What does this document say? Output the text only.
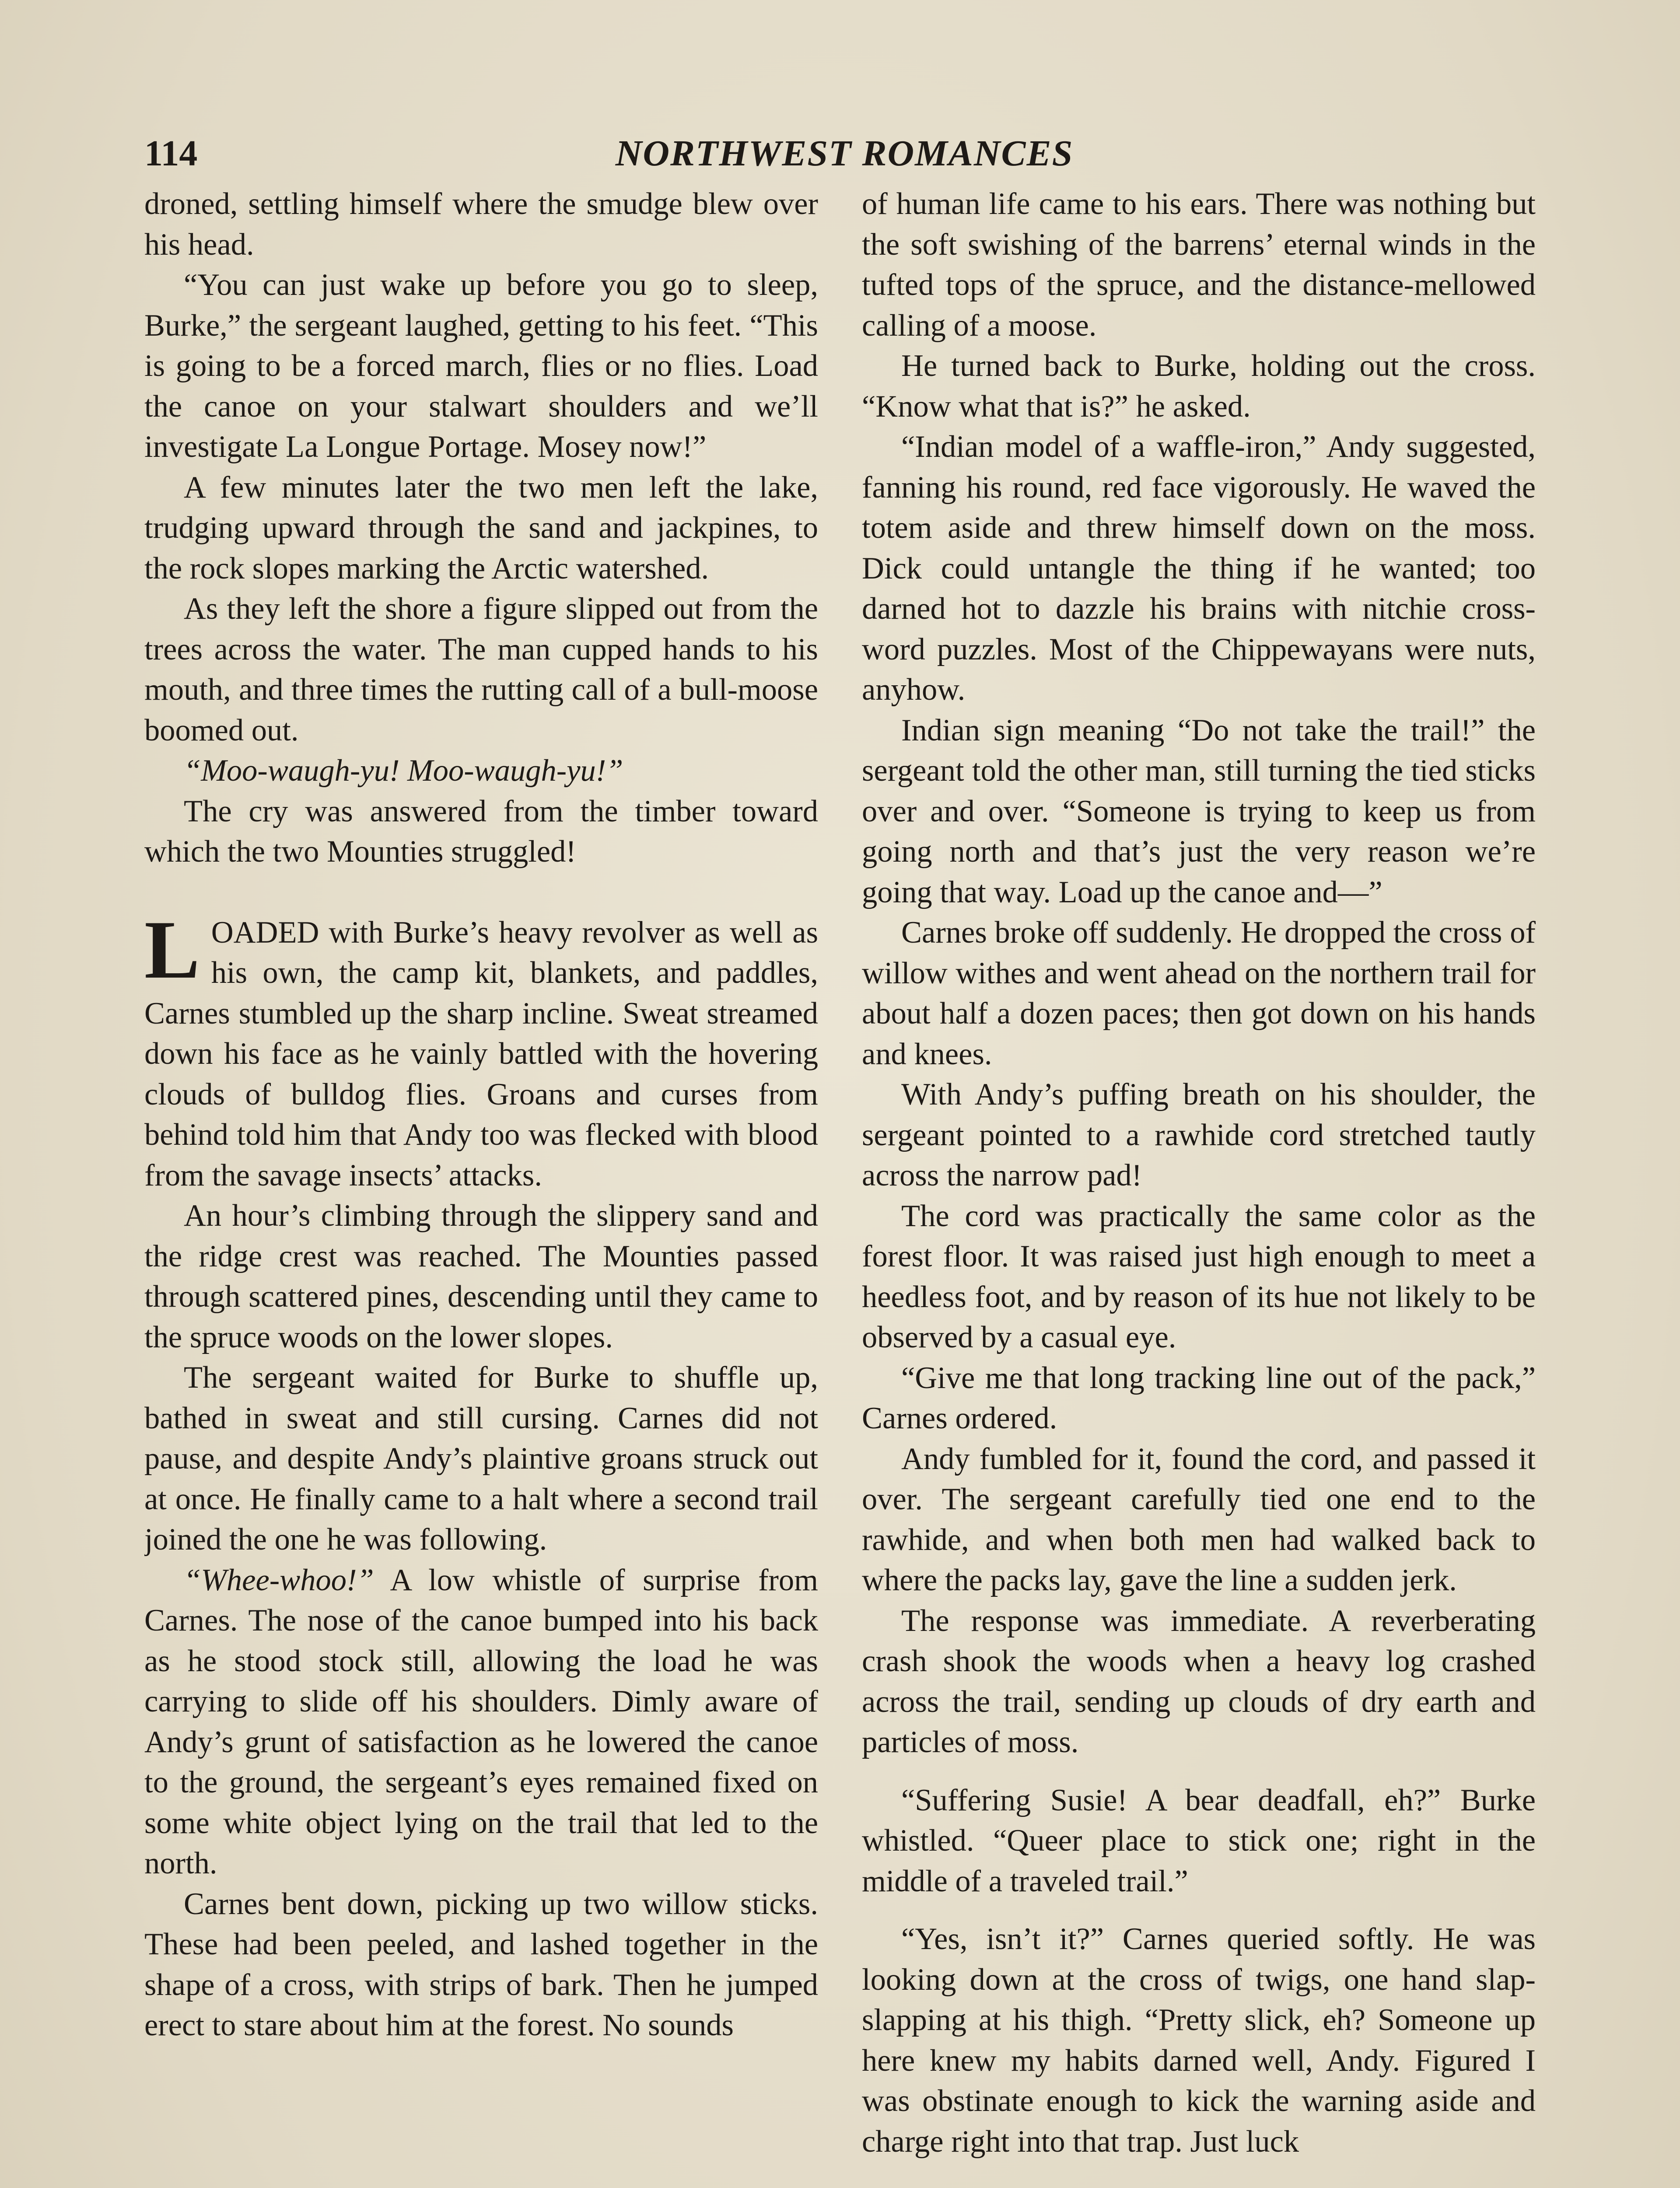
114	NORTHWEST ROMANCES

droned, settling himself where the smudge blew over his head.

“You can just wake up before you go to sleep, Burke,” the sergeant laughed, getting to his feet. “This is going to be a forced march, flies or no flies. Load the canoe on your stalwart shoulders and we’ll investigate La Longue Portage. Mosey now!”

A few minutes later the two men left the lake, trudging upward through the sand and jackpines, to the rock slopes marking the Arctic watershed.

As they left the shore a figure slipped out from the trees across the water. The man cupped hands to his mouth, and three times the rutting call of a bull-moose boomed out.

“Moo-waugh-yu! Moo-waugh-yu!”

The cry was answered from the timber toward which the two Mounties struggled!

LOADED with Burke’s heavy revolver as well as his own, the camp kit, blankets, and paddles, Carnes stumbled up the sharp incline. Sweat streamed down his face as he vainly battled with the hovering clouds of bulldog flies. Groans and curses from behind told him that Andy too was flecked with blood from the savage insects’ attacks.

An hour’s climbing through the slippery sand and the ridge crest was reached. The Mounties passed through scattered pines, descending until they came to the spruce woods on the lower slopes.

The sergeant waited for Burke to shuffle up, bathed in sweat and still cursing. Carnes did not pause, and despite Andy’s plaintive groans struck out at once. He finally came to a halt where a second trail joined the one he was following.

“Whee-whoo!” A low whistle of surprise from Carnes. The nose of the canoe bumped into his back as he stood stock still, allowing the load he was carrying to slide off his shoulders. Dimly aware of Andy’s grunt of satisfaction as he lowered the canoe to the ground, the sergeant’s eyes remained fixed on some white object lying on the trail that led to the north.

Carnes bent down, picking up two willow sticks. These had been peeled, and lashed together in the shape of a cross, with strips of bark. Then he jumped erect to stare about him at the forest. No sounds

of human life came to his ears. There was nothing but the soft swishing of the barrens’ eternal winds in the tufted tops of the spruce, and the distance-mellowed calling of a moose.

He turned back to Burke, holding out the cross. “Know what that is?” he asked.

“Indian model of a waffle-iron,” Andy suggested, fanning his round, red face vigorously. He waved the totem aside and threw himself down on the moss. Dick could untangle the thing if he wanted; too darned hot to dazzle his brains with nitchie cross-word puzzles. Most of the Chippewayans were nuts, anyhow.

Indian sign meaning “Do not take the trail!” the sergeant told the other man, still turning the tied sticks over and over. “Someone is trying to keep us from going north and that’s just the very reason we’re going that way. Load up the canoe and—”

Carnes broke off suddenly. He dropped the cross of willow withes and went ahead on the northern trail for about half a dozen paces; then got down on his hands and knees.

With Andy’s puffing breath on his shoulder, the sergeant pointed to a rawhide cord stretched tautly across the narrow pad!

The cord was practically the same color as the forest floor. It was raised just high enough to meet a heedless foot, and by reason of its hue not likely to be observed by a casual eye.

“Give me that long tracking line out of the pack,” Carnes ordered.

Andy fumbled for it, found the cord, and passed it over. The sergeant carefully tied one end to the rawhide, and when both men had walked back to where the packs lay, gave the line a sudden jerk.

The response was immediate. A reverberating crash shook the woods when a heavy log crashed across the trail, sending up clouds of dry earth and particles of moss.

“Suffering Susie! A bear deadfall, eh?” Burke whistled. “Queer place to stick one; right in the middle of a traveled trail.”

“Yes, isn’t it?” Carnes queried softly. He was looking down at the cross of twigs, one hand slap-slapping at his thigh. “Pretty slick, eh? Someone up here knew my habits darned well, Andy. Figured I was obstinate enough to kick the warning aside and charge right into that trap. Just luck
